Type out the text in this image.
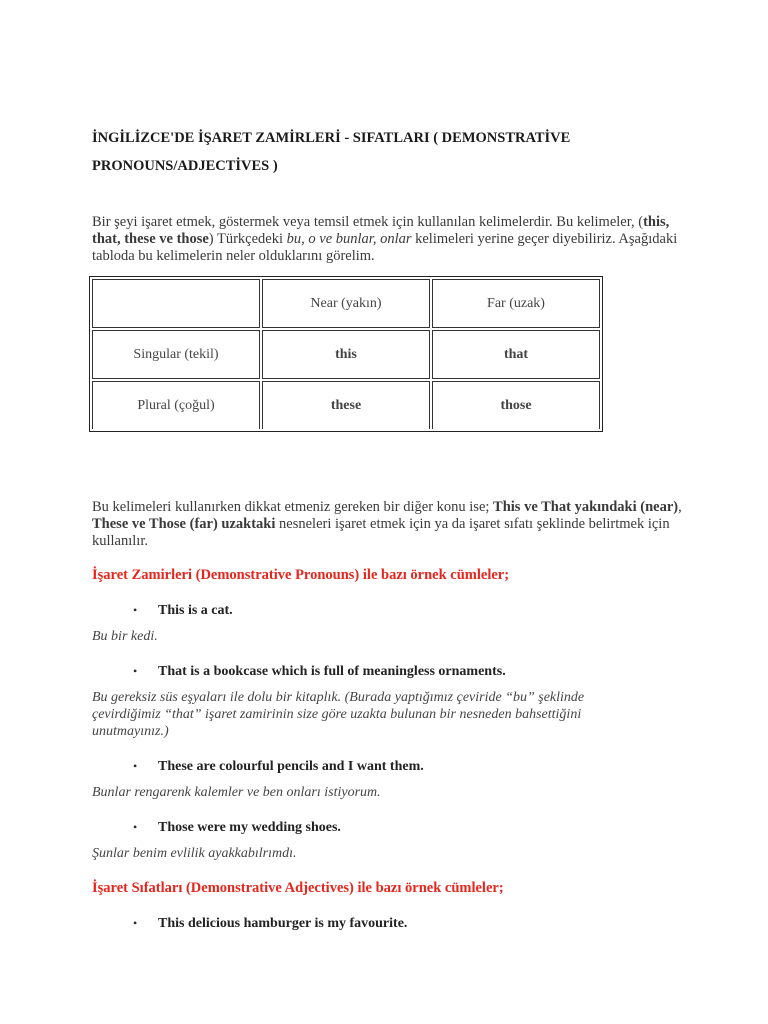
İNGİLİZCE'DE İŞARET ZAMİRLERİ - SIFATLARI ( DEMONSTRATİVE
PRONOUNS/ADJECTİVES )
Bir şeyi işaret etmek, göstermek veya temsil etmek için kullanılan kelimelerdir. Bu kelimeler, (this, that, these ve those) Türkçedeki bu, o ve bunlar, onlar kelimeleri yerine geçer diyebiliriz. Aşağıdaki tabloda bu kelimelerin neler olduklarını görelim.
	Near (yakın)	Far (uzak)
Singular (tekil)	this	that
Plural (çoğul)	these	those
Bu kelimeleri kullanırken dikkat etmeniz gereken bir diğer konu ise; This ve That yakındaki (near), These ve Those (far) uzaktaki nesneleri işaret etmek için ya da işaret sıfatı şeklinde belirtmek için kullanılır.
İşaret Zamirleri (Demonstrative Pronouns) ile bazı örnek cümleler;
• This is a cat.
Bu bir kedi.
• That is a bookcase which is full of meaningless ornaments.
Bu gereksiz süs eşyaları ile dolu bir kitaplık. (Burada yaptığımız çeviride “bu” şeklinde çevirdiğimiz “that” işaret zamirinin size göre uzakta bulunan bir nesneden bahsettiğini unutmayınız.)
• These are colourful pencils and I want them.
Bunlar rengarenk kalemler ve ben onları istiyorum.
• Those were my wedding shoes.
Şunlar benim evlilik ayakkabılrımdı.
İşaret Sıfatları (Demonstrative Adjectives) ile bazı örnek cümleler;
• This delicious hamburger is my favourite.
